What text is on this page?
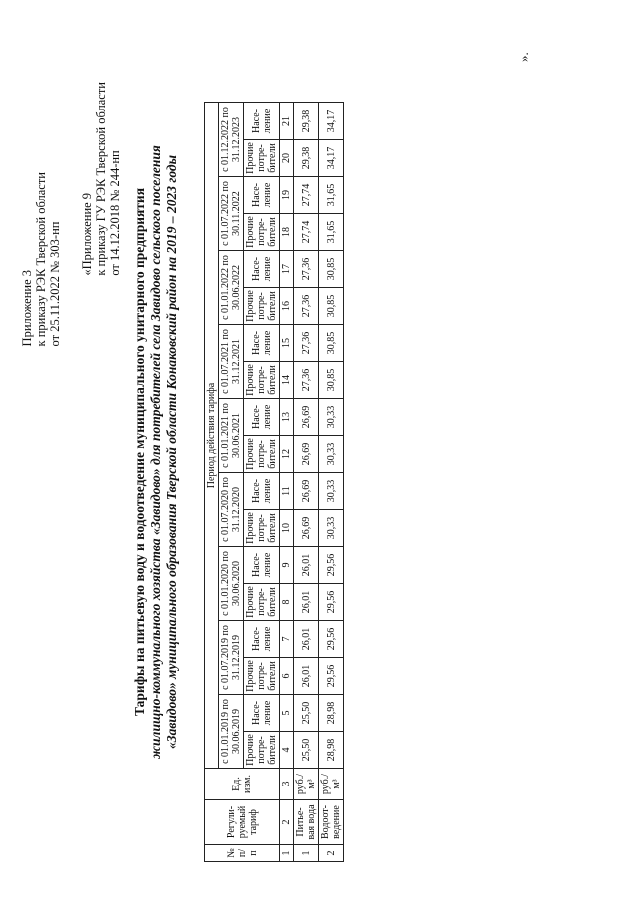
Приложение 3 к приказу РЭК Тверской области от 25.11.2022 № 303-нп «Приложение 9 к приказу ГУ РЭК Тверской области от 14.12.2018 № 244-нп Тарифы на питьевую воду и водоотведение муниципального унитарного предприятия жилищно-коммунального хозяйства «Завидово» для потребителей села Завидово сельского поселения «Завидово» муниципального образования Тверской области Конаковский район на 2019 – 2023 годы
№ п/п	Регули-руемый тариф	Ед. изм.	Период действия тарифа																	
			с 01.01.2019 по 30.06.2019		с 01.07.2019 по 31.12.2019		с 01.01.2020 по 30.06.2020		с 01.07.2020 по 31.12.2020		с 01.01.2021 по 30.06.2021		с 01.07.2021 по 31.12.2021		с 01.01.2022 по 30.06.2022		с 01.07.2022 по 30.11.2022		с 01.12.2022 по 31.12.2023	
			Прочие потре-бители	Насе-ление	Прочие потре-бители	Насе-ление	Прочие потре-бители	Насе-ление	Прочие потре-бители	Насе-ление	Прочие потре-бители	Насе-ление	Прочие потре-бители	Насе-ление	Прочие потре-бители	Насе-ление	Прочие потре-бители	Насе-ление	Прочие потре-бители	Насе-ление
1	2	3	4	5	6	7	8	9	10	11	12	13	14	15	16	17	18	19	20	21
1	Питье-вая вода	руб./м³	25,50	25,50	26,01	26,01	26,01	26,01	26,69	26,69	26,69	26,69	27,36	27,36	27,36	27,36	27,74	27,74	29,38	29,38
2	Водоот-ведение	руб./м³	28,98	28,98	29,56	29,56	29,56	29,56	30,33	30,33	30,33	30,33	30,85	30,85	30,85	30,85	31,65	31,65	34,17	34,17
».
